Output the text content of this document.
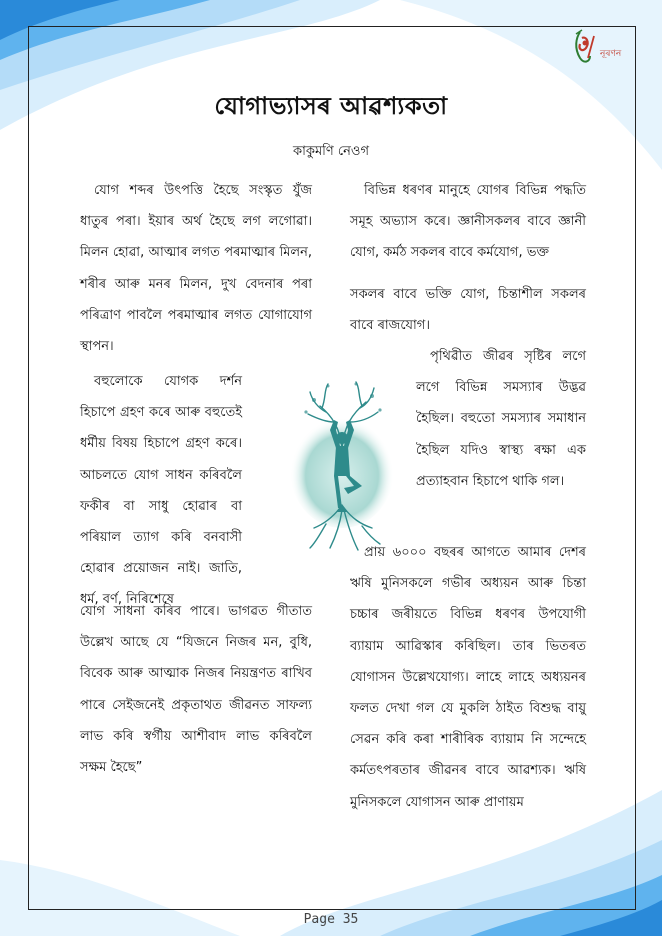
নূৰণন
যোগাভ্যাসৰ আৱশ্যকতা
কাকুমণি নেওগ

যোগ শব্দৰ উৎপত্তি হৈছে সংস্কৃত যুঁজ ধাতুৰ পৰা। ইয়াৰ অৰ্থ হৈছে লগ লগোৱা। মিলন হোৱা, আত্মাৰ লগত পৰমাত্মাৰ মিলন, শৰীৰ আৰু মনৰ মিলন, দুখ বেদনাৰ পৰা পৰিত্ৰাণ পাবলৈ পৰমাত্মাৰ লগত যোগাযোগ স্থাপন।

বহুলোকে যোগক দৰ্শন হিচাপে গ্ৰহণ কৰে আৰু বহুতেই ধৰ্মীয় বিষয় হিচাপে গ্ৰহণ কৰে। আচলতে যোগ সাধন কৰিবলৈ ফকীৰ বা সাধু হোৱাৰ বা পৰিয়াল ত্যাগ কৰি বনবাসী হোৱাৰ প্ৰয়োজন নাই। জাতি, ধৰ্ম, বৰ্ণ, নিৰিশেষে

যোগ সাধনা কৰিব পাৰে। ভাগৱত গীতাত উল্লেখ আছে যে “যিজনে নিজৰ মন, বুধি, বিবেক আৰু আত্মাক নিজৰ নিয়ন্ত্ৰণত ৰাখিব পাৰে সেইজনেই প্ৰকৃতাথত জীৱনত সাফল্য লাভ কৰি স্বৰ্গীয় আশীবাদ লাভ কৰিবলৈ সক্ষম হৈছে”

বিভিন্ন ধৰণৰ মানুহে যোগৰ বিভিন্ন পদ্ধতি সমূহ অভ্যাস কৰে। জ্ঞানীসকলৰ বাবে জ্ঞানী যোগ, কৰ্মঠ সকলৰ বাবে কৰ্মযোগ, ভক্ত

সকলৰ বাবে ভক্তি যোগ, চিন্তাশীল সকলৰ বাবে ৰাজযোগ।

পৃথিৱীত জীৱৰ সৃষ্টিৰ লগে লগে বিভিন্ন সমস্যাৰ উদ্ভৱ হৈছিল। বহুতো সমস্যাৰ সমাধান হৈছিল যদিও স্বাস্থ্য ৰক্ষা এক প্ৰত্যাহবান হিচাপে থাকি গল।

প্ৰায় ৬০০০ বছৰৰ আগতে আমাৰ দেশৰ ঋষি মুনিসকলে গভীৰ অধ্যয়ন আৰু চিন্তা চচ্চাৰ জৰীয়তে বিভিন্ন ধৰণৰ উপযোগী ব্যায়াম আৱিস্কাৰ কৰিছিল। তাৰ ভিতৰত যোগাসন উল্লেখযোগ্য। লাহে লাহে অধ্যয়নৰ ফলত দেখা গল যে মুকলি ঠাইত বিশুদ্ধ বায়ু সেৱন কৰি কৰা শাৰীৰিক ব্যায়াম নি সন্দেহে কৰ্মতৎপৰতাৰ জীৱনৰ বাবে আৱশ্যক। ঋষি মুনিসকলে যোগাসন আৰু প্ৰাণায়ম

Page 35
